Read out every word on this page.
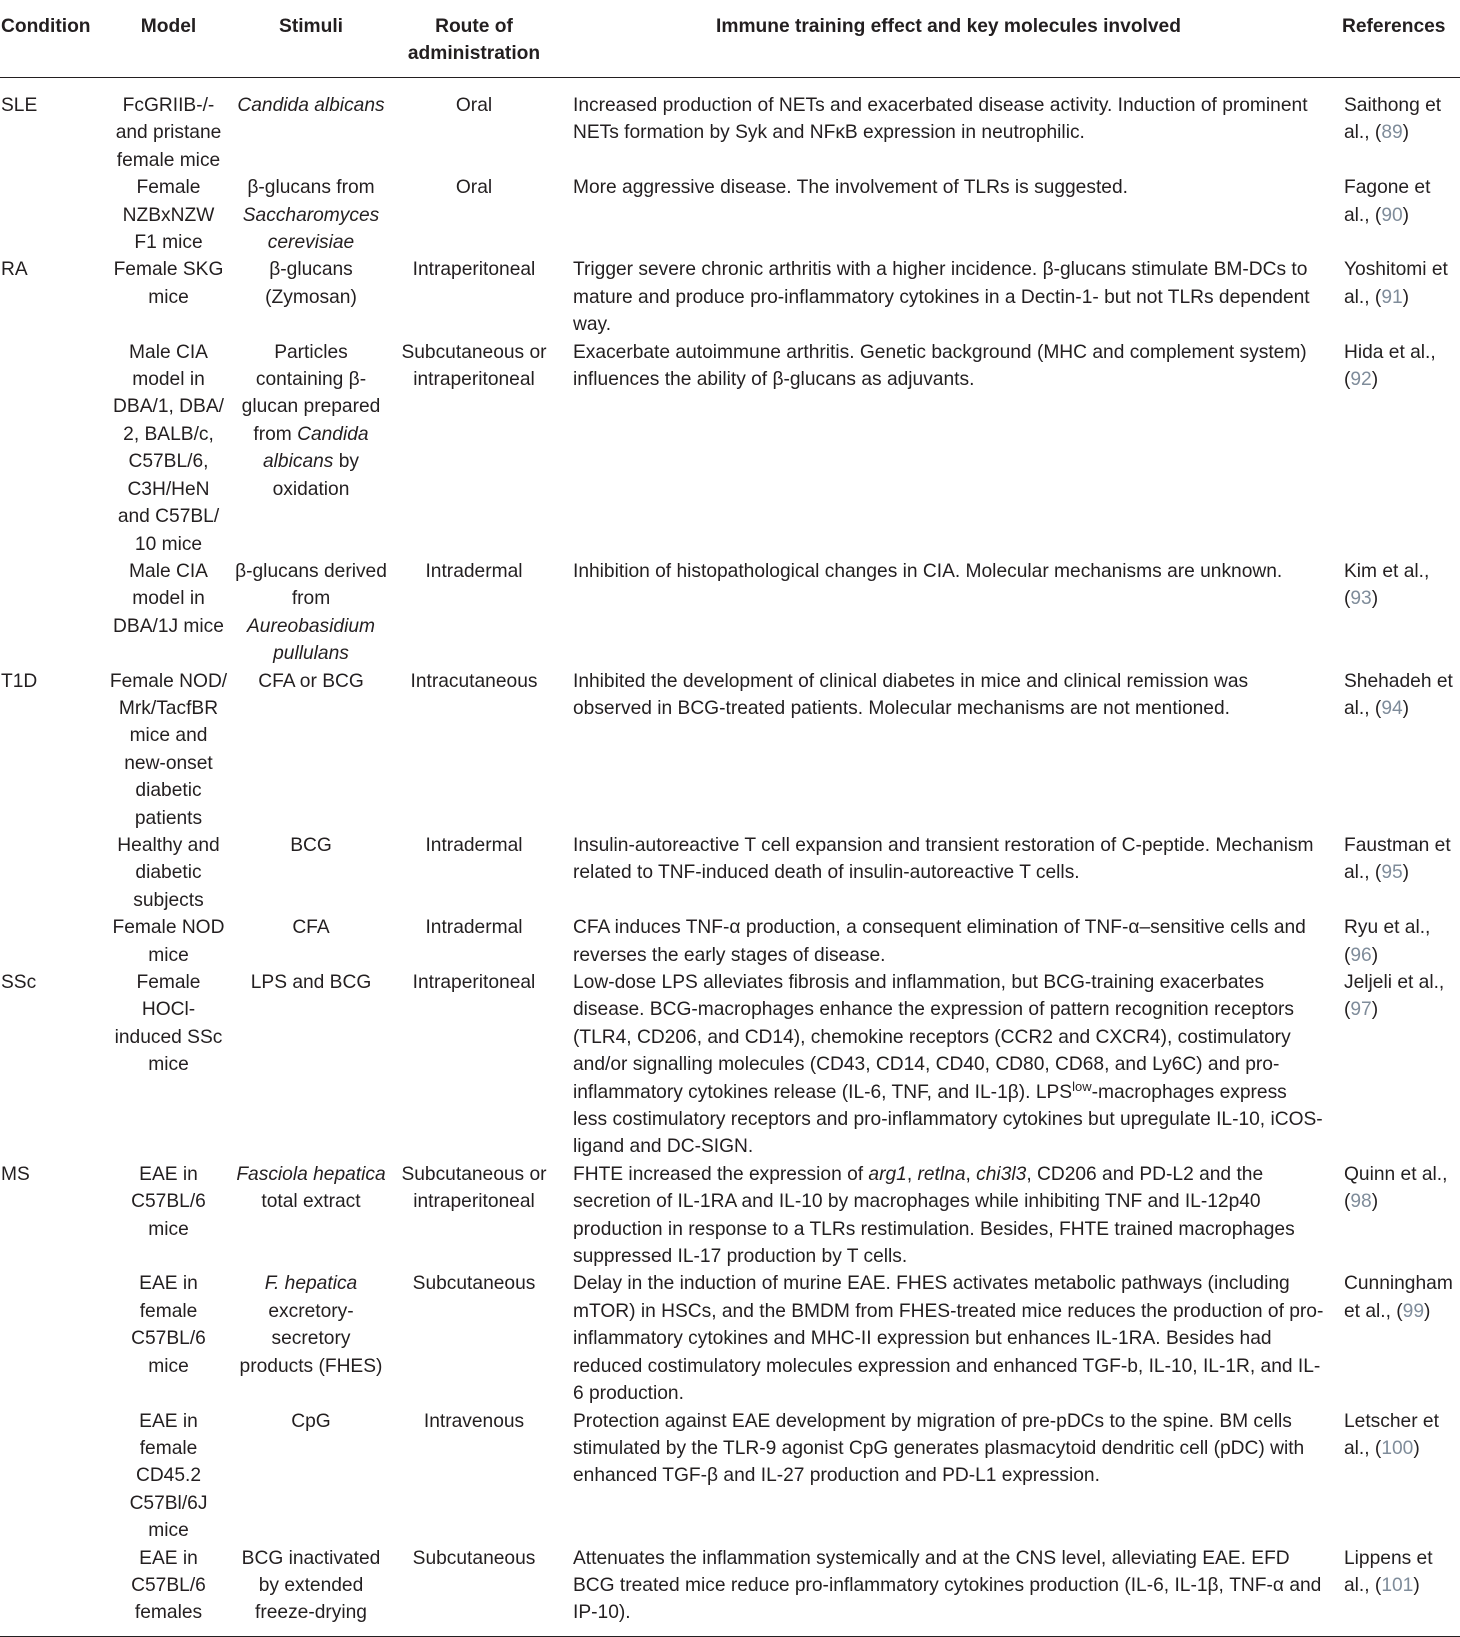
Condition	Model	Stimuli	Route of administration	Immune training effect and key molecules involved	References
SLE	FcGRIIB-/- and pristane female mice	Candida albicans	Oral	Increased production of NETs and exacerbated disease activity. Induction of prominent NETs formation by Syk and NFκB expression in neutrophilic.	Saithong et al., (89)
	Female NZBxNZW F1 mice	β-glucans from Saccharomyces cerevisiae	Oral	More aggressive disease. The involvement of TLRs is suggested.	Fagone et al., (90)
RA	Female SKG mice	β-glucans (Zymosan)	Intraperitoneal	Trigger severe chronic arthritis with a higher incidence. β-glucans stimulate BM-DCs to mature and produce pro-inflammatory cytokines in a Dectin-1- but not TLRs dependent way.	Yoshitomi et al., (91)
	Male CIA model in DBA/1, DBA/ 2, BALB/c, C57BL/6, C3H/HeN and C57BL/ 10 mice	Particles containing β-glucan prepared from Candida albicans by oxidation	Subcutaneous or intraperitoneal	Exacerbate autoimmune arthritis. Genetic background (MHC and complement system) influences the ability of β-glucans as adjuvants.	Hida et al., (92)
	Male CIA model in DBA/1J mice	β-glucans derived from Aureobasidium pullulans	Intradermal	Inhibition of histopathological changes in CIA. Molecular mechanisms are unknown.	Kim et al., (93)
T1D	Female NOD/ Mrk/TacfBR mice and new-onset diabetic patients	CFA or BCG	Intracutaneous	Inhibited the development of clinical diabetes in mice and clinical remission was observed in BCG-treated patients. Molecular mechanisms are not mentioned.	Shehadeh et al., (94)
	Healthy and diabetic subjects	BCG	Intradermal	Insulin-autoreactive T cell expansion and transient restoration of C-peptide. Mechanism related to TNF-induced death of insulin-autoreactive T cells.	Faustman et al., (95)
	Female NOD mice	CFA	Intradermal	CFA induces TNF-α production, a consequent elimination of TNF-α–sensitive cells and reverses the early stages of disease.	Ryu et al., (96)
SSc	Female HOCl-induced SSc mice	LPS and BCG	Intraperitoneal	Low-dose LPS alleviates fibrosis and inflammation, but BCG-training exacerbates disease. BCG-macrophages enhance the expression of pattern recognition receptors (TLR4, CD206, and CD14), chemokine receptors (CCR2 and CXCR4), costimulatory and/or signalling molecules (CD43, CD14, CD40, CD80, CD68, and Ly6C) and pro-inflammatory cytokines release (IL-6, TNF, and IL-1β). $LPS^{low}$-macrophages express less costimulatory receptors and pro-inflammatory cytokines but upregulate IL-10, iCOS-ligand and DC-SIGN.	Jeljeli et al., (97)
MS	EAE in C57BL/6 mice	Fasciola hepatica total extract	Subcutaneous or intraperitoneal	FHTE increased the expression of arg1, retlna, chi3l3, CD206 and PD-L2 and the secretion of IL-1RA and IL-10 by macrophages while inhibiting TNF and IL-12p40 production in response to a TLRs restimulation. Besides, FHTE trained macrophages suppressed IL-17 production by T cells.	Quinn et al., (98)
	EAE in female C57BL/6 mice	F. hepatica excretory-secretory products (FHES)	Subcutaneous	Delay in the induction of murine EAE. FHES activates metabolic pathways (including mTOR) in HSCs, and the BMDM from FHES-treated mice reduces the production of pro-inflammatory cytokines and MHC-II expression but enhances IL-1RA. Besides had reduced costimulatory molecules expression and enhanced TGF-b, IL-10, IL-1R, and IL-6 production.	Cunningham et al., (99)
	EAE in female CD45.2 C57Bl/6J mice	CpG	Intravenous	Protection against EAE development by migration of pre-pDCs to the spine. BM cells stimulated by the TLR-9 agonist CpG generates plasmacytoid dendritic cell (pDC) with enhanced TGF-β and IL-27 production and PD-L1 expression.	Letscher et al., (100)
	EAE in C57BL/6 females	BCG inactivated by extended freeze-drying	Subcutaneous	Attenuates the inflammation systemically and at the CNS level, alleviating EAE. EFD BCG treated mice reduce pro-inflammatory cytokines production (IL-6, IL-1β, TNF-α and IP-10).	Lippens et al., (101)
